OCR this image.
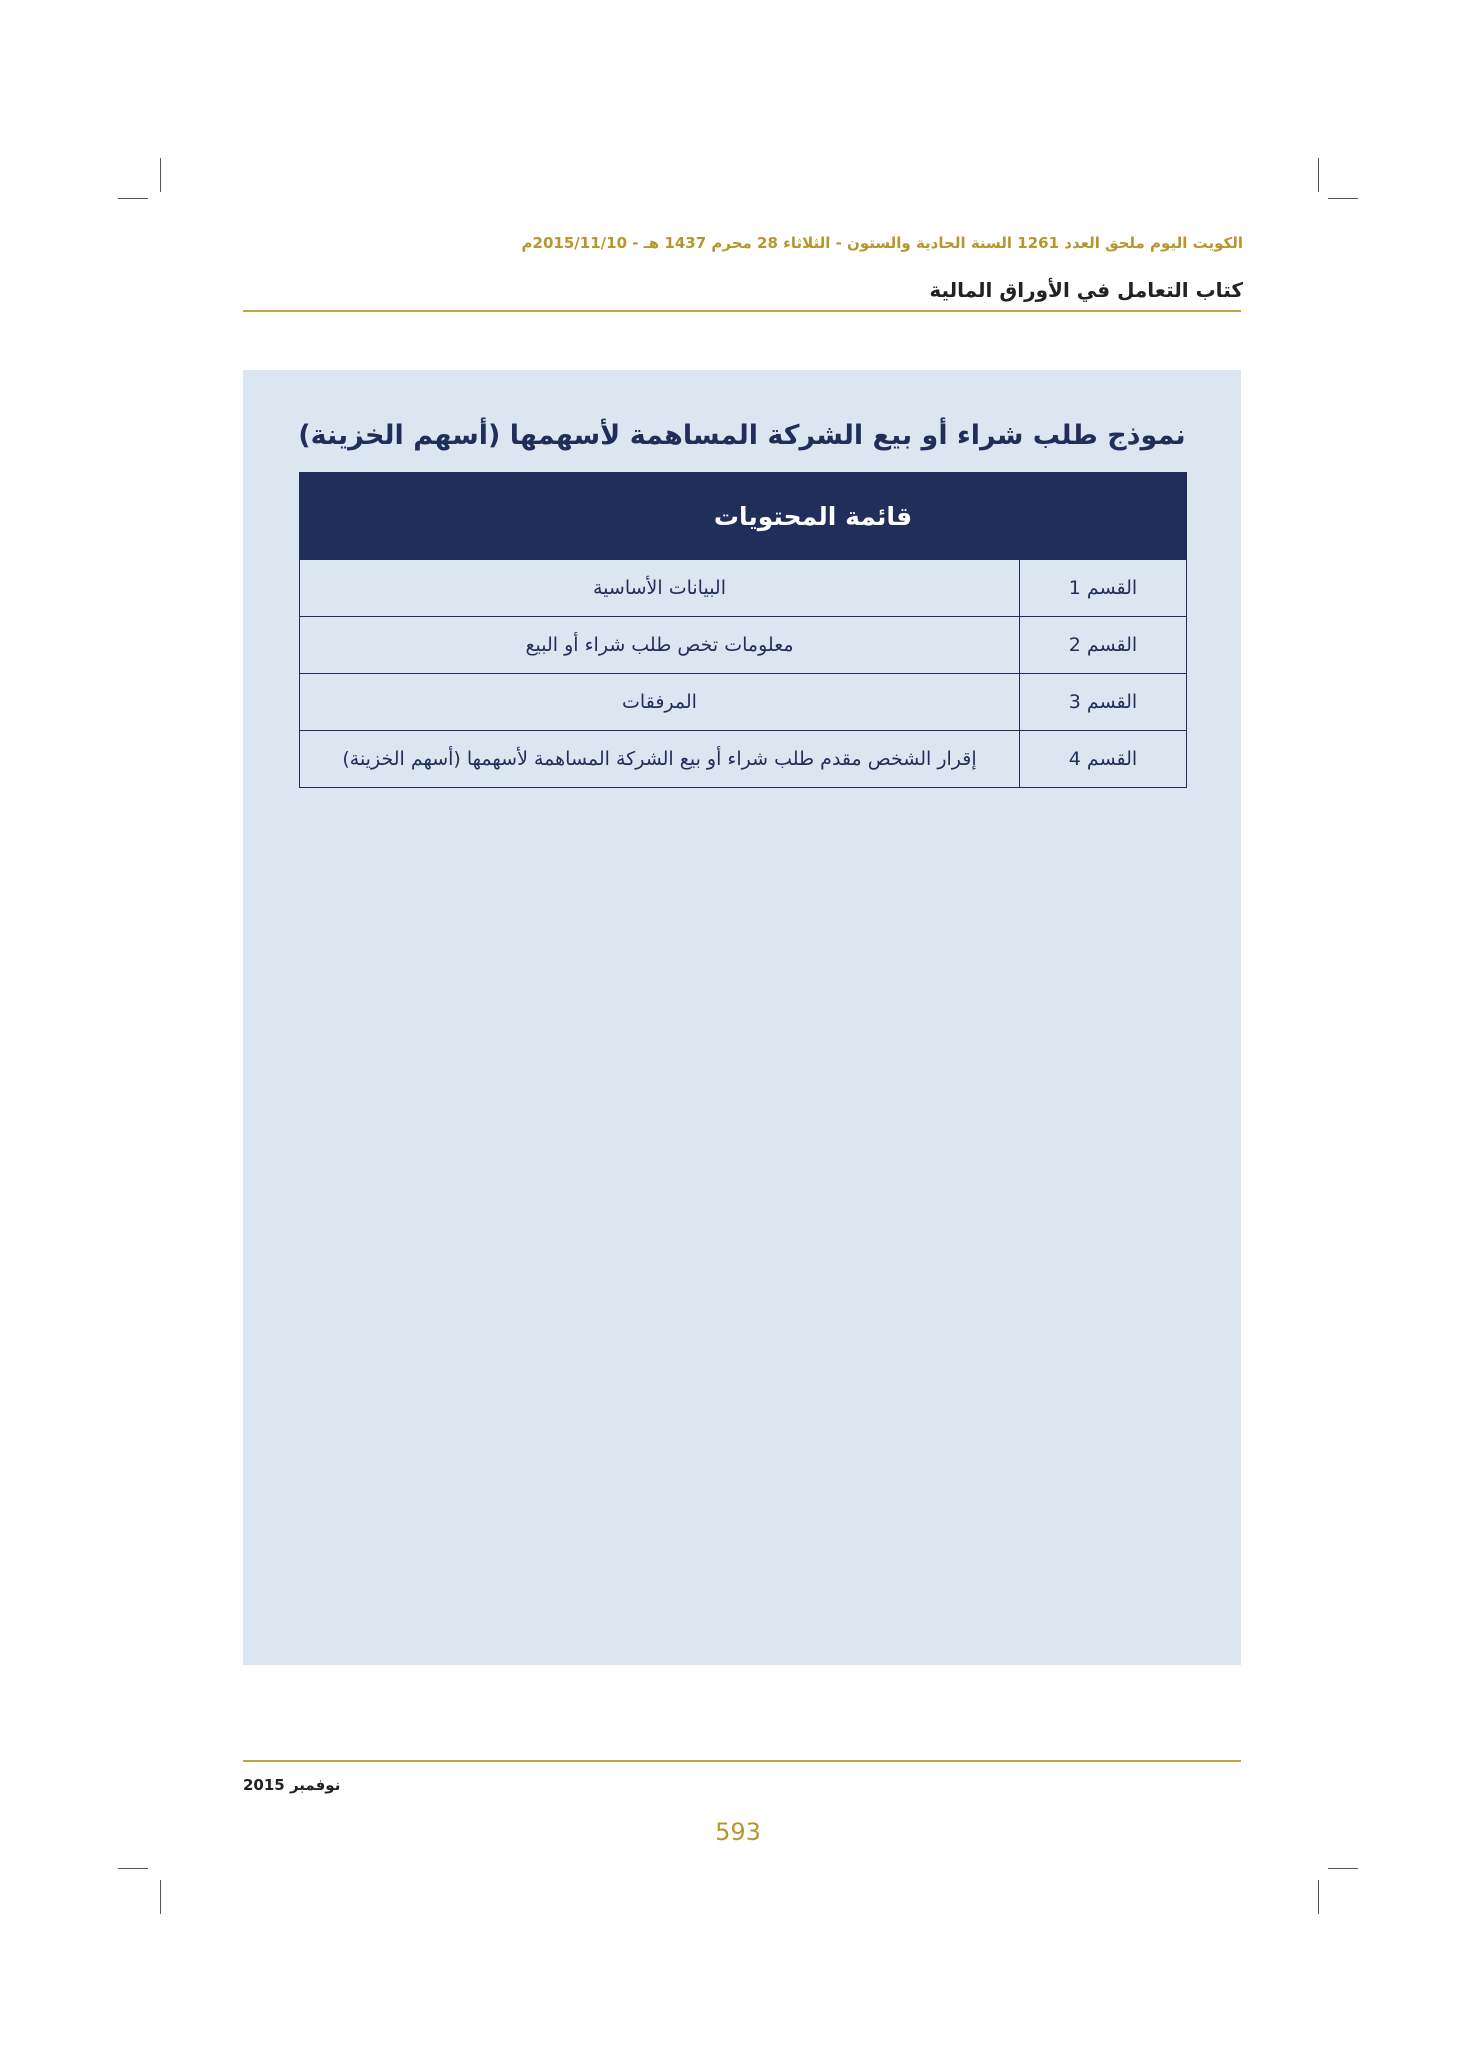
الكويت اليوم ملحق العدد 1261 السنة الحادية والستون - الثلاثاء 28 محرم 1437 هـ - 2015/11/10م
كتاب التعامل في الأوراق المالية
نموذج طلب شراء أو بيع الشركة المساهمة لأسهمها (أسهم الخزينة)
قائمة المحتويات
القسم 1
البيانات الأساسية
القسم 2
معلومات تخص طلب شراء أو البيع
القسم 3
المرفقات
القسم 4
إقرار الشخص مقدم طلب شراء أو بيع الشركة المساهمة لأسهمها (أسهم الخزينة)
نوفمبر 2015
593
